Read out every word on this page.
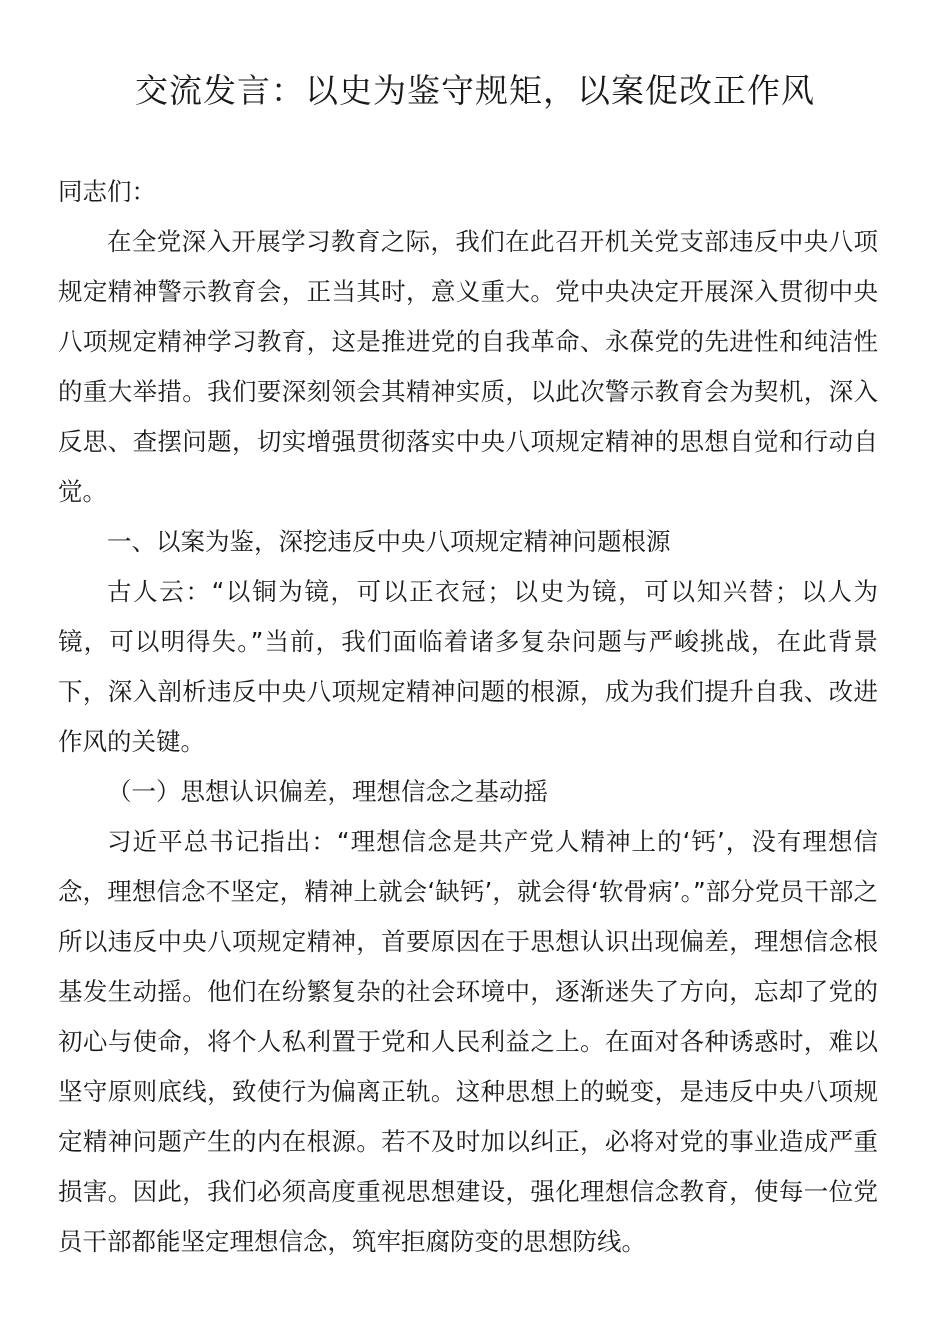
交流发言：以史为鉴守规矩，以案促改正作风

同志们：

在全党深入开展学习教育之际，我们在此召开机关党支部违反中央八项规定精神警示教育会，正当其时，意义重大。党中央决定开展深入贯彻中央八项规定精神学习教育，这是推进党的自我革命、永葆党的先进性和纯洁性的重大举措。我们要深刻领会其精神实质，以此次警示教育会为契机，深入反思、查摆问题，切实增强贯彻落实中央八项规定精神的思想自觉和行动自觉。

一、以案为鉴，深挖违反中央八项规定精神问题根源

古人云：“以铜为镜，可以正衣冠；以史为镜，可以知兴替；以人为镜，可以明得失。”当前，我们面临着诸多复杂问题与严峻挑战，在此背景下，深入剖析违反中央八项规定精神问题的根源，成为我们提升自我、改进作风的关键。

（一）思想认识偏差，理想信念之基动摇

习近平总书记指出：“理想信念是共产党人精神上的‘钙’，没有理想信念，理想信念不坚定，精神上就会‘缺钙’，就会得‘软骨病’。”部分党员干部之所以违反中央八项规定精神，首要原因在于思想认识出现偏差，理想信念根基发生动摇。他们在纷繁复杂的社会环境中，逐渐迷失了方向，忘却了党的初心与使命，将个人私利置于党和人民利益之上。在面对各种诱惑时，难以坚守原则底线，致使行为偏离正轨。这种思想上的蜕变，是违反中央八项规定精神问题产生的内在根源。若不及时加以纠正，必将对党的事业造成严重损害。因此，我们必须高度重视思想建设，强化理想信念教育，使每一位党员干部都能坚定理想信念，筑牢拒腐防变的思想防线。
